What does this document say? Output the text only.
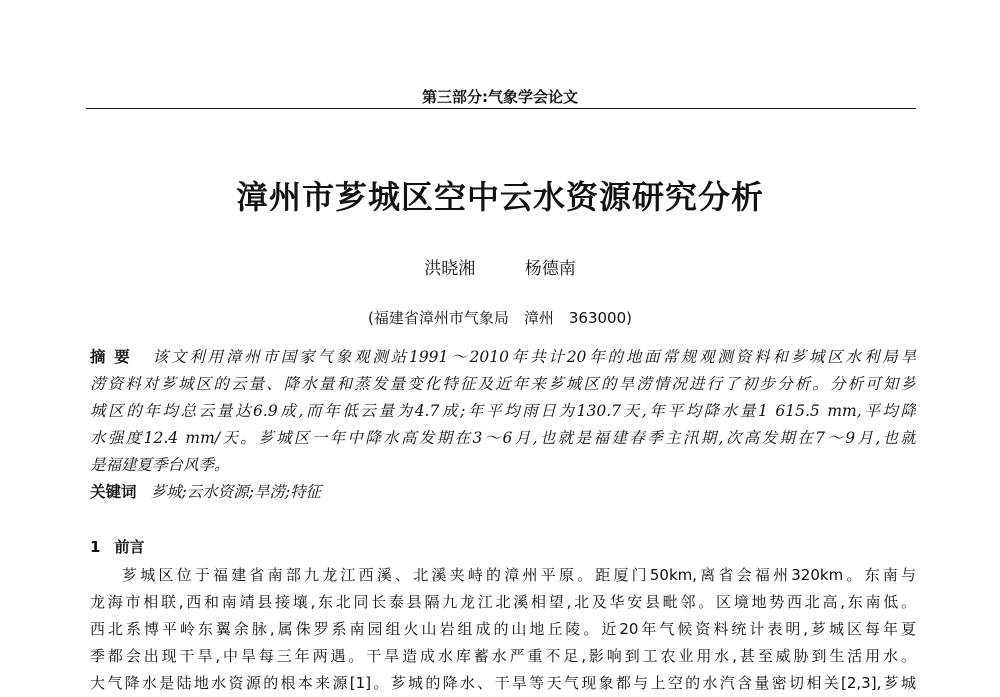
第三部分:气象学会论文
漳州市芗城区空中云水资源研究分析
洪晓湘	杨德南
(福建省漳州市气象局　漳州　363000)
摘要 该文利用漳州市国家气象观测站1991～2010年共计20年的地面常规观测资料和芗城区水利局旱
涝资料对芗城区的云量、降水量和蒸发量变化特征及近年来芗城区的旱涝情况进行了初步分析。分析可知芗
城区的年均总云量达6.9成,而年低云量为4.7成;年平均雨日为130.7天,年平均降水量1 615.5 mm,平均降
水强度12.4 mm/天。芗城区一年中降水高发期在3～6月,也就是福建春季主汛期,次高发期在7～9月,也就
是福建夏季台风季。
关键词 芗城;云水资源;旱涝;特征
1 前言
芗城区位于福建省南部九龙江西溪、北溪夹峙的漳州平原。距厦门50km,离省会福州320km。东南与
龙海市相联,西和南靖县接壤,东北同长泰县隔九龙江北溪相望,北及华安县毗邻。区境地势西北高,东南低。
西北系博平岭东翼余脉,属侏罗系南园组火山岩组成的山地丘陵。近20年气候资料统计表明,芗城区每年夏
季都会出现干旱,中旱每三年两遇。干旱造成水库蓄水严重不足,影响到工农业用水,甚至威胁到生活用水。
大气降水是陆地水资源的根本来源[1]。芗城的降水、干旱等天气现象都与上空的水汽含量密切相关[2,3],芗城
